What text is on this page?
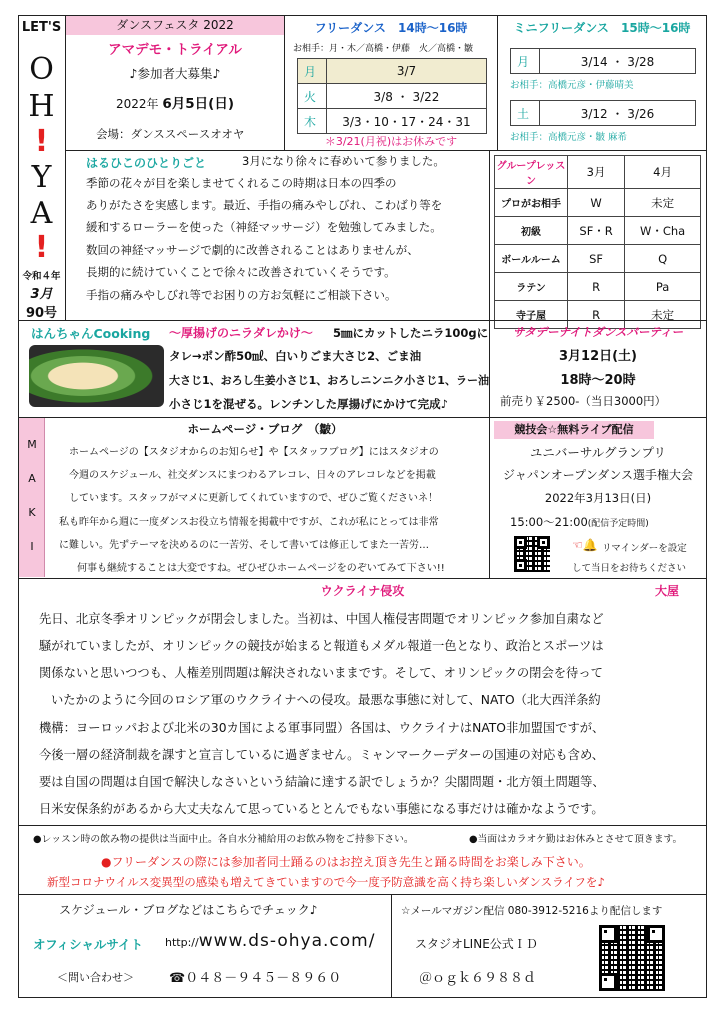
LET'S
O
H
!
Y
A
!
令和４年
3月
90号
ダンスフェスタ 2022
アマデモ・トライアル
♪参加者大募集♪
2022年 6月5日(日)
会場：ダンススペースオオヤ
フリーダンス 14時〜16時
お相手：月・木／高橋・伊藤　火／高橋・皺
月	3/7
火	3/8 ・ 3/22
木	3/3・10・17・24・31
＊3/21(月祝)はお休みです
ミニフリーダンス 15時〜16時
月	3/14 ・ 3/28
お相手：高橋元彦・伊藤晴美
土	3/12 ・ 3/26
お相手：高橋元彦・皺 麻希
はるひこのひとりごと	3月になり徐々に春めいて参りました。
季節の花々が目を楽しませてくれるこの時期は日本の四季の
ありがたさを実感します。最近、手指の痛みやしびれ、こわばり等を
緩和するローラーを使った（神経マッサージ）を勉強してみました。
数回の神経マッサージで劇的に改善されることはありませんが、
長期的に続けていくことで徐々に改善されていくそうです。
手指の痛みやしびれ等でお困りの方お気軽にご相談下さい。
グループレッスン	3月	4月
プロがお相手	W	未定
初級	SF・R	W・Cha
ボールルーム	SF	Q
ラテン	R	Pa
寺子屋	R	未定
はんちゃんCooking 〜厚揚げのニラダレかけ〜 5㎜にカットしたニラ100gに
タレ→ポン酢50㎖、白いりごま大さじ2、ごま油
大さじ1、おろし生姜小さじ1、おろしニンニク小さじ1、ラー油
小さじ1を混ぜる。レンチンした厚揚げにかけて完成♪
サタデーナイトダンスパーティー
3月12日(土)
18時〜20時
前売り￥2500-（当日3000円）
M
A
K
I
ホームページ・ブログ　（皺）
ホームページの【スタジオからのお知らせ】や【スタッフブログ】にはスタジオの
今週のスケジュール、社交ダンスにまつわるアレコレ、日々のアレコレなどを掲載
しています。スタッフがマメに更新してくれていますので、ぜひご覧くださいネ！
私も昨年から週に一度ダンスお役立ち情報を掲載中ですが、これが私にとっては非常
に難しい。先ずテーマを決めるのに一苦労、そして書いては修正してまた一苦労…
何事も継続することは大変ですね。ぜひぜひホームページをのぞいてみて下さい!!
競技会☆無料ライブ配信
ユニバーサルグランプリ
ジャパンオープンダンス選手権大会
2022年3月13日(日)
15:00〜21:00(配信予定時間)
☜🔔 リマインダーを設定
して当日をお待ちください
ウクライナ侵攻	大屋
先日、北京冬季オリンピックが閉会しました。当初は、中国人権侵害問題でオリンピック参加自粛など
騒がれていましたが、オリンピックの競技が始まると報道もメダル報道一色となり、政治とスポーツは
関係ないと思いつつも、人権差別問題は解決されないままです。そして、オリンピックの閉会を待って
いたかのように今回のロシア軍のウクライナへの侵攻。最悪な事態に対して、NATO（北大西洋条約
機構：ヨーロッパおよび北米の30カ国による軍事同盟）各国は、ウクライナはNATO非加盟国ですが、
今後一層の経済制裁を課すと宣言しているに過ぎません。ミャンマークーデターの国連の対応も含め、
要は自国の問題は自国で解決しなさいという結論に達する訳でしょうか？尖閣問題・北方領土問題等、
日米安保条約があるから大丈夫なんて思っているととんでもない事態になる事だけは確かなようです。
●レッスン時の飲み物の提供は当面中止。各自水分補給用のお飲み物をご持参下さい。	●当面はカラオケ勤はお休みとさせて頂きます。
●フリーダンスの際には参加者同士踊るのはお控え頂き先生と踊る時間をお楽しみ下さい。
新型コロナウイルス変異型の感染も増えてきていますので今一度予防意識を高く持ち楽しいダンスライフを♪
スケジュール・ブログなどはこちらでチェック♪
オフィシャルサイト http://www.ds-ohya.com/
＜問い合わせ＞	☎０４８－９４５－８９６０
☆メールマガジン配信 080-3912-5216より配信します
スタジオLINE公式ＩＤ
＠ｏｇｋ６９８８ｄ
